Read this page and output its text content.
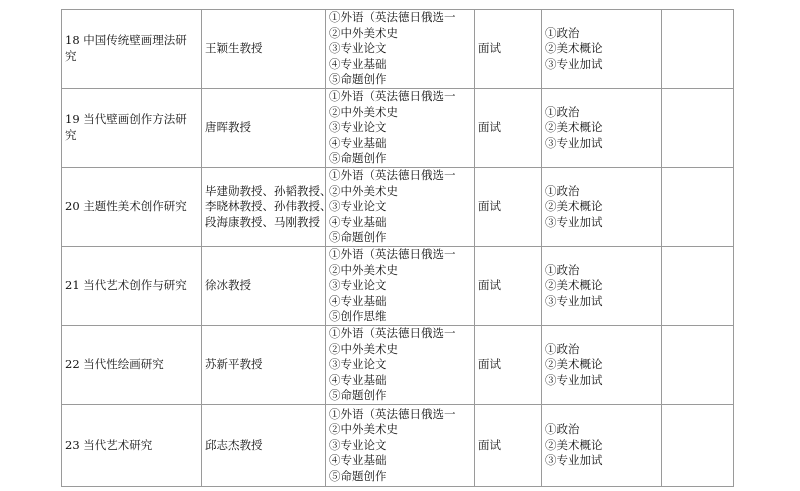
18 中国传统壁画理法研究	王颖生教授	①外语（英法德日俄选一
②中外美术史
③专业论文
④专业基础
⑤命题创作	面试	①政治
②美术概论
③专业加试	

19 当代壁画创作方法研究	唐晖教授	①外语（英法德日俄选一
②中外美术史
③专业论文
④专业基础
⑤命题创作	面试	①政治
②美术概论
③专业加试	

20 主题性美术创作研究	毕建勋教授、孙韬教授、
李晓林教授、孙伟教授、
段海康教授、马刚教授	①外语（英法德日俄选一
②中外美术史
③专业论文
④专业基础
⑤命题创作	面试	①政治
②美术概论
③专业加试	

21 当代艺术创作与研究	徐冰教授	①外语（英法德日俄选一
②中外美术史
③专业论文
④专业基础
⑤创作思维	面试	①政治
②美术概论
③专业加试	

22 当代性绘画研究	苏新平教授	①外语（英法德日俄选一
②中外美术史
③专业论文
④专业基础
⑤命题创作	面试	①政治
②美术概论
③专业加试	

23 当代艺术研究	邱志杰教授	①外语（英法德日俄选一
②中外美术史
③专业论文
④专业基础
⑤命题创作	面试	①政治
②美术概论
③专业加试	
